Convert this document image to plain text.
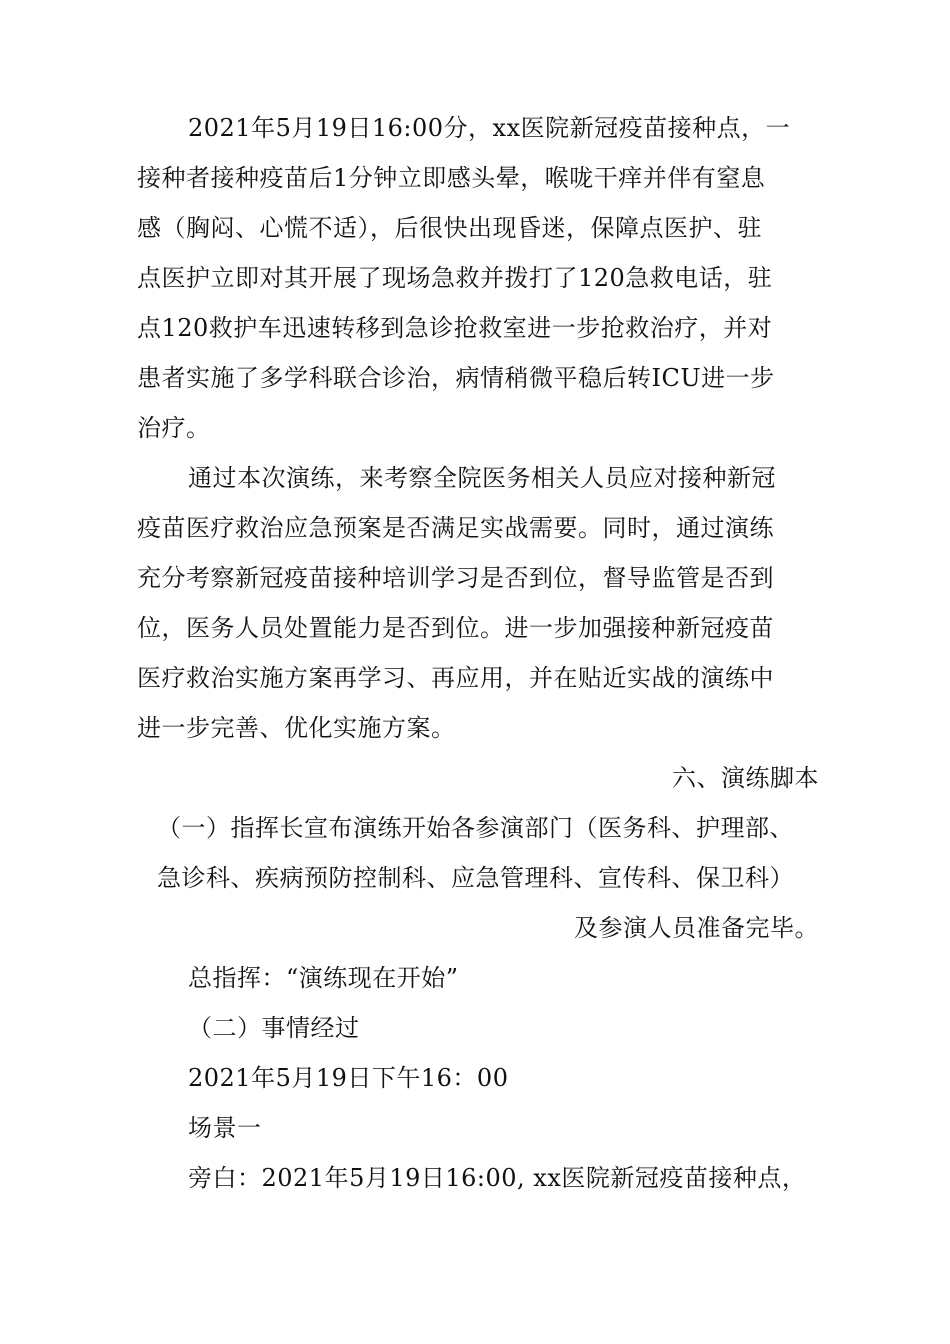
2021年5月19日16:00分，xx医院新冠疫苗接种点，一
接种者接种疫苗后1分钟立即感头晕，喉咙干痒并伴有窒息
感（胸闷、心慌不适），后很快出现昏迷，保障点医护、驻
点医护立即对其开展了现场急救并拨打了120急救电话，驻
点120救护车迅速转移到急诊抢救室进一步抢救治疗，并对
患者实施了多学科联合诊治，病情稍微平稳后转ICU进一步
治疗。
通过本次演练，来考察全院医务相关人员应对接种新冠
疫苗医疗救治应急预案是否满足实战需要。同时，通过演练
充分考察新冠疫苗接种培训学习是否到位，督导监管是否到
位，医务人员处置能力是否到位。进一步加强接种新冠疫苗
医疗救治实施方案再学习、再应用，并在贴近实战的演练中
进一步完善、优化实施方案。
六、演练脚本
（一）指挥长宣布演练开始各参演部门（医务科、护理部、
急诊科、疾病预防控制科、应急管理科、宣传科、保卫科）
及参演人员准备完毕。
总指挥：“演练现在开始”
（二）事情经过
2021年5月19日下午16：00
场景一
旁白：2021年5月19日16:00, xx医院新冠疫苗接种点，
